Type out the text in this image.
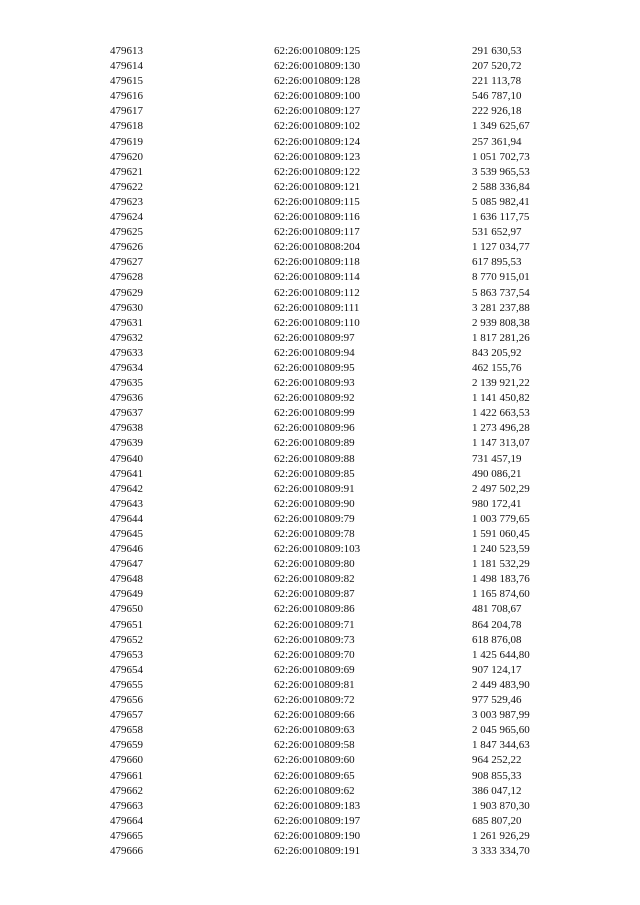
479613	62:26:0010809:125	291 630,53
479614	62:26:0010809:130	207 520,72
479615	62:26:0010809:128	221 113,78
479616	62:26:0010809:100	546 787,10
479617	62:26:0010809:127	222 926,18
479618	62:26:0010809:102	1 349 625,67
479619	62:26:0010809:124	257 361,94
479620	62:26:0010809:123	1 051 702,73
479621	62:26:0010809:122	3 539 965,53
479622	62:26:0010809:121	2 588 336,84
479623	62:26:0010809:115	5 085 982,41
479624	62:26:0010809:116	1 636 117,75
479625	62:26:0010809:117	531 652,97
479626	62:26:0010808:204	1 127 034,77
479627	62:26:0010809:118	617 895,53
479628	62:26:0010809:114	8 770 915,01
479629	62:26:0010809:112	5 863 737,54
479630	62:26:0010809:111	3 281 237,88
479631	62:26:0010809:110	2 939 808,38
479632	62:26:0010809:97	1 817 281,26
479633	62:26:0010809:94	843 205,92
479634	62:26:0010809:95	462 155,76
479635	62:26:0010809:93	2 139 921,22
479636	62:26:0010809:92	1 141 450,82
479637	62:26:0010809:99	1 422 663,53
479638	62:26:0010809:96	1 273 496,28
479639	62:26:0010809:89	1 147 313,07
479640	62:26:0010809:88	731 457,19
479641	62:26:0010809:85	490 086,21
479642	62:26:0010809:91	2 497 502,29
479643	62:26:0010809:90	980 172,41
479644	62:26:0010809:79	1 003 779,65
479645	62:26:0010809:78	1 591 060,45
479646	62:26:0010809:103	1 240 523,59
479647	62:26:0010809:80	1 181 532,29
479648	62:26:0010809:82	1 498 183,76
479649	62:26:0010809:87	1 165 874,60
479650	62:26:0010809:86	481 708,67
479651	62:26:0010809:71	864 204,78
479652	62:26:0010809:73	618 876,08
479653	62:26:0010809:70	1 425 644,80
479654	62:26:0010809:69	907 124,17
479655	62:26:0010809:81	2 449 483,90
479656	62:26:0010809:72	977 529,46
479657	62:26:0010809:66	3 003 987,99
479658	62:26:0010809:63	2 045 965,60
479659	62:26:0010809:58	1 847 344,63
479660	62:26:0010809:60	964 252,22
479661	62:26:0010809:65	908 855,33
479662	62:26:0010809:62	386 047,12
479663	62:26:0010809:183	1 903 870,30
479664	62:26:0010809:197	685 807,20
479665	62:26:0010809:190	1 261 926,29
479666	62:26:0010809:191	3 333 334,70
